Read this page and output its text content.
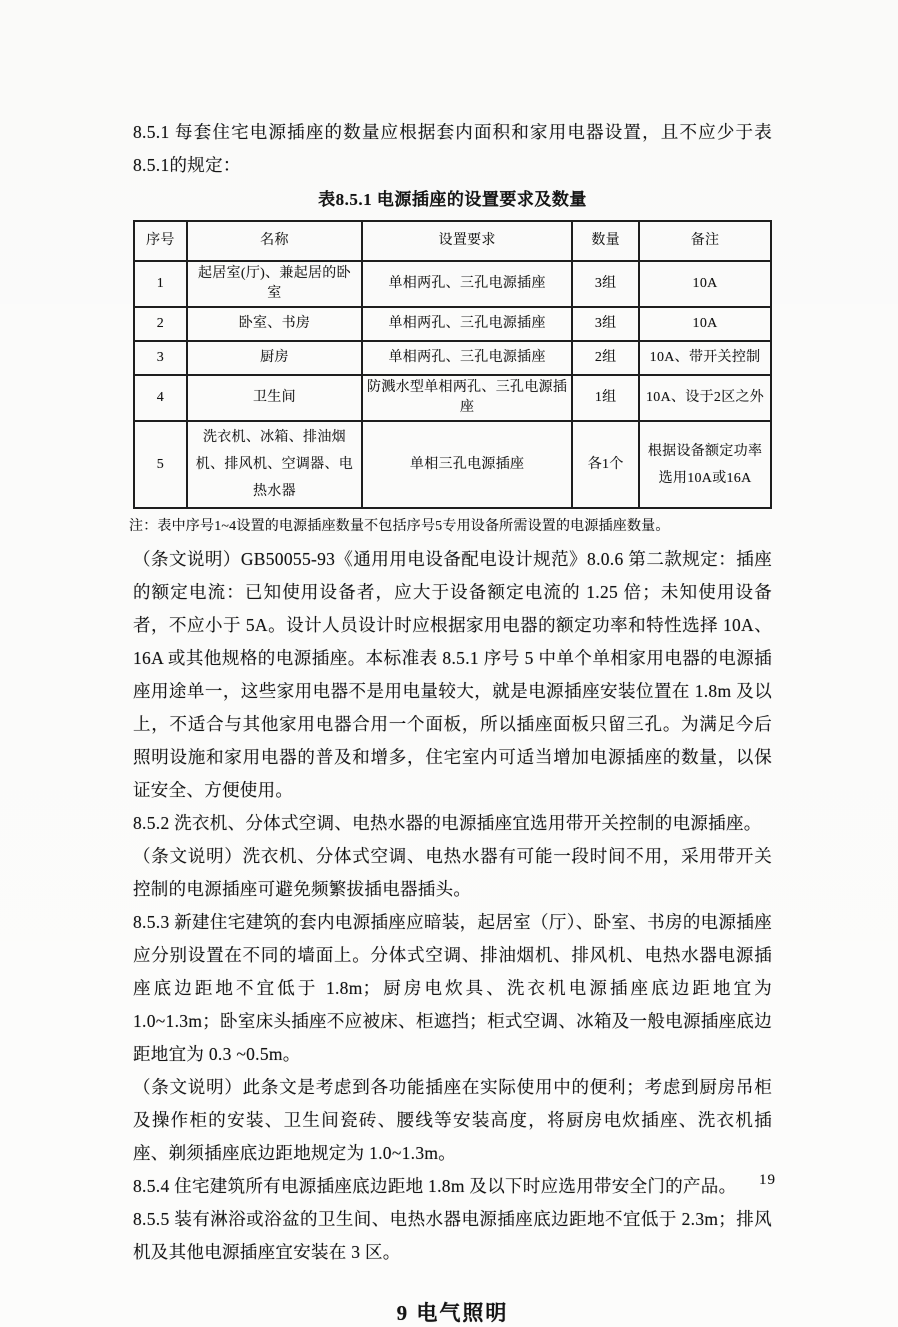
8.5.1 每套住宅电源插座的数量应根据套内面积和家用电器设置，且不应少于表8.5.1的规定：

表8.5.1 电源插座的设置要求及数量
序号	名称	设置要求	数量	备注
1	起居室(厅)、兼起居的卧室	单相两孔、三孔电源插座	3组	10A
2	卧室、书房	单相两孔、三孔电源插座	3组	10A
3	厨房	单相两孔、三孔电源插座	2组	10A、带开关控制
4	卫生间	防溅水型单相两孔、三孔电源插座	1组	10A、设于2区之外
5	洗衣机、冰箱、排油烟机、排风机、空调器、电热水器	单相三孔电源插座	各1个	根据设备额定功率选用10A或16A

注：表中序号1~4设置的电源插座数量不包括序号5专用设备所需设置的电源插座数量。

（条文说明）GB50055-93《通用用电设备配电设计规范》8.0.6 第二款规定：插座的额定电流：已知使用设备者，应大于设备额定电流的 1.25 倍；未知使用设备者，不应小于 5A。设计人员设计时应根据家用电器的额定功率和特性选择 10A、16A 或其他规格的电源插座。本标准表 8.5.1 序号 5 中单个单相家用电器的电源插座用途单一，这些家用电器不是用电量较大，就是电源插座安装位置在 1.8m 及以上，不适合与其他家用电器合用一个面板，所以插座面板只留三孔。为满足今后照明设施和家用电器的普及和增多，住宅室内可适当增加电源插座的数量，以保证安全、方便使用。

8.5.2 洗衣机、分体式空调、电热水器的电源插座宜选用带开关控制的电源插座。

（条文说明）洗衣机、分体式空调、电热水器有可能一段时间不用，采用带开关控制的电源插座可避免频繁拔插电器插头。

8.5.3 新建住宅建筑的套内电源插座应暗装，起居室（厅）、卧室、书房的电源插座应分别设置在不同的墙面上。分体式空调、排油烟机、排风机、电热水器电源插座底边距地不宜低于 1.8m；厨房电炊具、洗衣机电源插座底边距地宜为 1.0~1.3m；卧室床头插座不应被床、柜遮挡；柜式空调、冰箱及一般电源插座底边距地宜为 0.3 ~0.5m。

（条文说明）此条文是考虑到各功能插座在实际使用中的便利；考虑到厨房吊柜及操作柜的安装、卫生间瓷砖、腰线等安装高度，将厨房电炊插座、洗衣机插座、剃须插座底边距地规定为 1.0~1.3m。

8.5.4 住宅建筑所有电源插座底边距地 1.8m 及以下时应选用带安全门的产品。

8.5.5 装有淋浴或浴盆的卫生间、电热水器电源插座底边距地不宜低于 2.3m；排风机及其他电源插座宜安装在 3 区。

9 电气照明
19
